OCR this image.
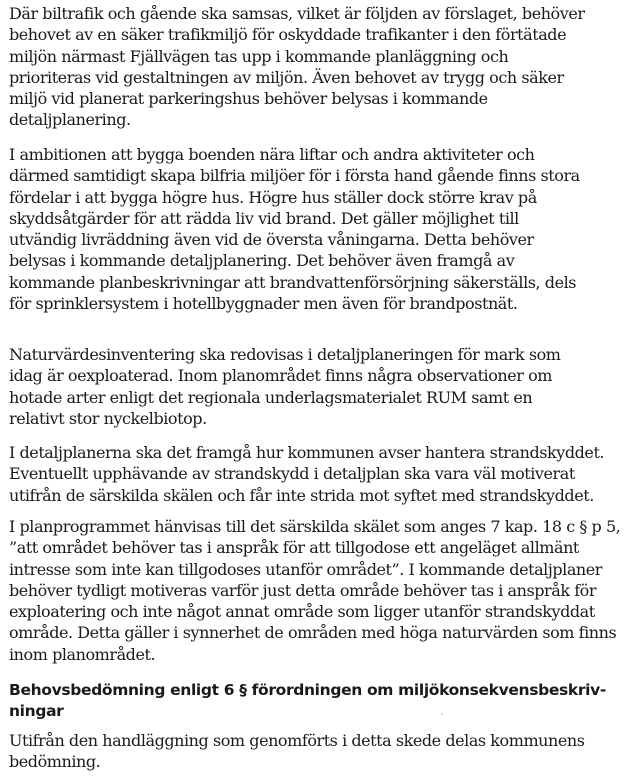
Där biltrafik och gående ska samsas, vilket är följden av förslaget, behöver
behovet av en säker trafikmiljö för oskyddade trafikanter i den förtätade
miljön närmast Fjällvägen tas upp i kommande planläggning och
prioriteras vid gestaltningen av miljön. Även behovet av trygg och säker
miljö vid planerat parkeringshus behöver belysas i kommande
detaljplanering.

I ambitionen att bygga boenden nära liftar och andra aktiviteter och
därmed samtidigt skapa bilfria miljöer för i första hand gående finns stora
fördelar i att bygga högre hus. Högre hus ställer dock större krav på
skyddsåtgärder för att rädda liv vid brand. Det gäller möjlighet till
utvändig livräddning även vid de översta våningarna. Detta behöver
belysas i kommande detaljplanering. Det behöver även framgå av
kommande planbeskrivningar att brandvattenförsörjning säkerställs, dels
för sprinklersystem i hotellbyggnader men även för brandpostnät.

Naturvärdesinventering ska redovisas i detaljplaneringen för mark som
idag är oexploaterad. Inom planområdet finns några observationer om
hotade arter enligt det regionala underlagsmaterialet RUM samt en
relativt stor nyckelbiotop.

I detaljplanerna ska det framgå hur kommunen avser hantera strandskyddet.
Eventuellt upphävande av strandskydd i detaljplan ska vara väl motiverat
utifrån de särskilda skälen och får inte strida mot syftet med strandskyddet.

I planprogrammet hänvisas till det särskilda skälet som anges 7 kap. 18 c § p 5,
”att området behöver tas i anspråk för att tillgodose ett angeläget allmänt
intresse som inte kan tillgodoses utanför området”. I kommande detaljplaner
behöver tydligt motiveras varför just detta område behöver tas i anspråk för
exploatering och inte något annat område som ligger utanför strandskyddat
område. Detta gäller i synnerhet de områden med höga naturvärden som finns
inom planområdet.

Behovsbedömning enligt 6 § förordningen om miljökonsekvensbeskriv-
ningar	‘

Utifrån den handläggning som genomförts i detta skede delas kommunens
bedömning.
